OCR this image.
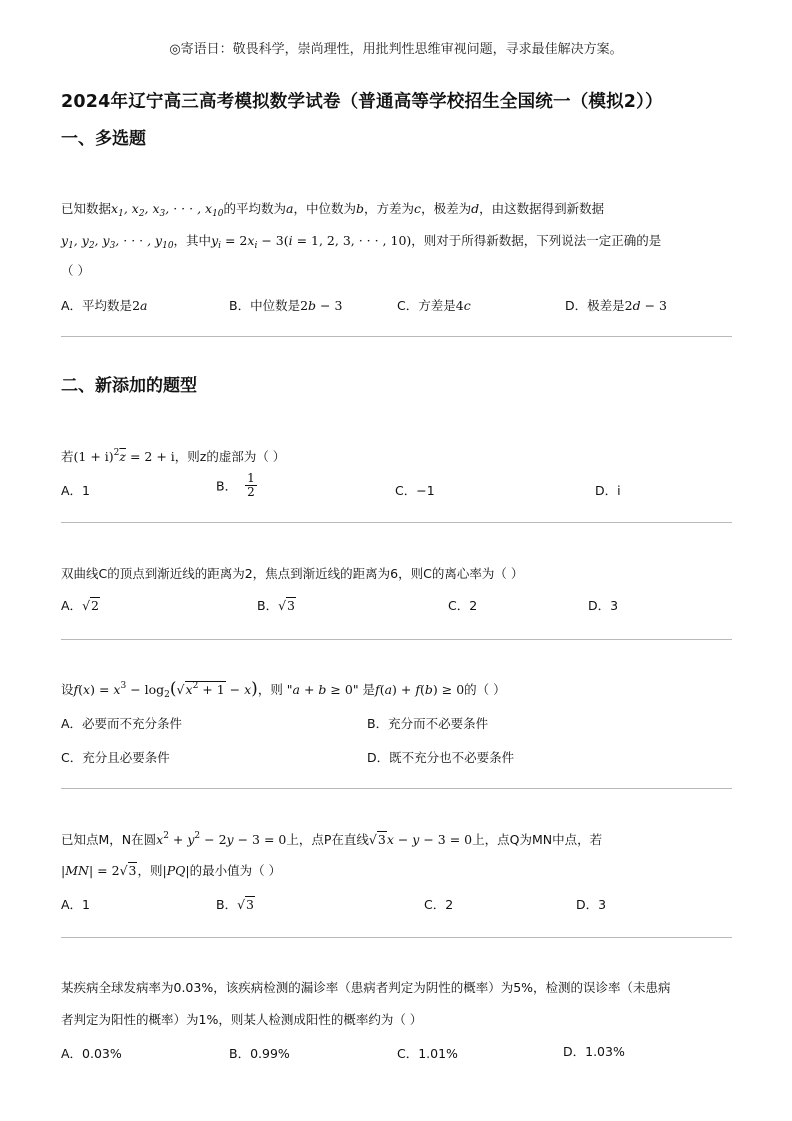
◎寄语日：敬畏科学，崇尚理性，用批判性思维审视问题，寻求最佳解决方案。
2024年辽宁高三高考模拟数学试卷（普通高等学校招生全国统一（模拟2））
一、多选题
已知数据$x_1$, $x_2$, $x_3$, · · · , $x_{10}$的平均数为a，中位数为b，方差为c，极差为d，由这数据得到新数据
$y_1$, $y_2$, $y_3$, · · · , $y_{10}$，其中$y_i = 2x_i - 3(i = 1$, 2, 3, · · · , 10)，则对于所得新数据，下列说法一定正确的是
（ ）
A．平均数是2a	B．中位数是2b − 3	C．方差是4c	D．极差是2d − 3
二、新添加的题型
若$(1 + i)^2\overline{z} = 2 + i$，则z的虚部为（ ）
A．1	B． $\frac{1}{2}$	C．−1	D．i
双曲线C的顶点到渐近线的距离为2，焦点到渐近线的距离为6，则C的离心率为（ ）
A．√2	B．√3	C．2	D．3
设$f(x) = x^3 - \log_2(√x^2 + 1 - x)$，则 "a + b ≥ 0" 是f(a) + f(b) ≥ 0的（ ）
A．必要而不充分条件	B．充分而不必要条件
C．充分且必要条件	D．既不充分也不必要条件
已知点M，N在圆$x^2 + y^2 - 2y - 3 = 0$上，点P在直线√3x − y − 3 = 0上，点Q为MN中点，若
|MN| = 2√3，则|PQ|的最小值为（ ）
A．1	B．√3	C．2	D．3
某疾病全球发病率为0.03%，该疾病检测的漏诊率（患病者判定为阴性的概率）为5%，检测的误诊率（未患病
者判定为阳性的概率）为1%，则某人检测成阳性的概率约为（ ）
A．0.03%	B．0.99%	C．1.01%	D．1.03%
